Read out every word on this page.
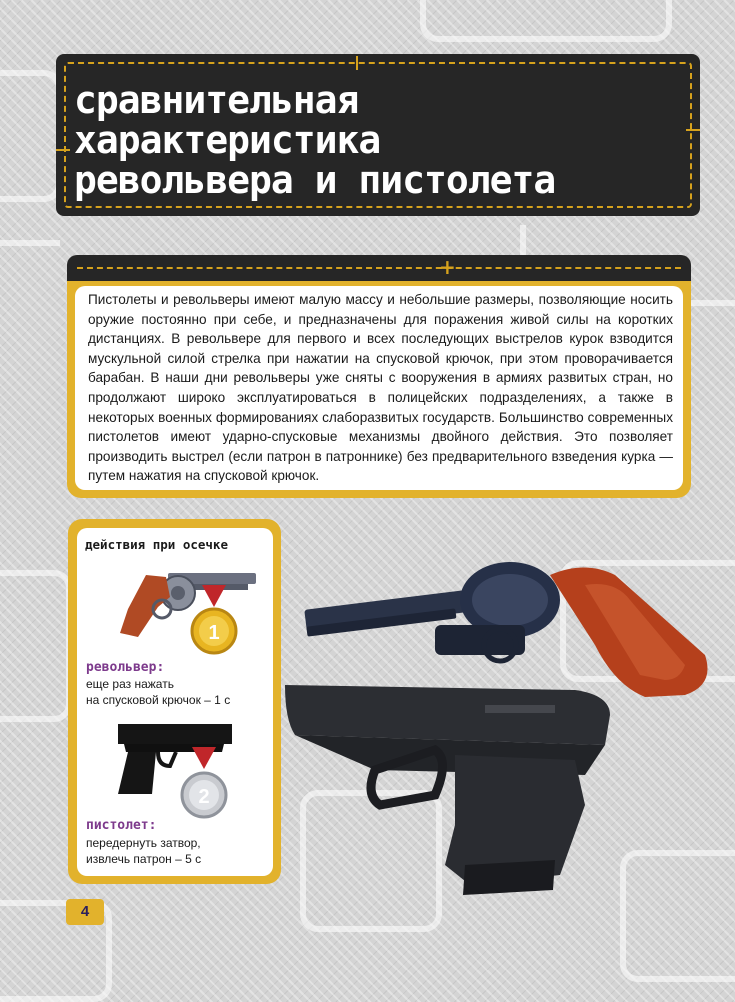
сравнительная
характеристика
револьвера и пистолета
+

Пистолеты и револьверы имеют малую массу и небольшие размеры, позволяющие носить оружие постоянно при себе, и предназначены для поражения живой силы на коротких дистанциях. В револьвере для первого и всех последующих выстрелов курок взводится мускульной силой стрелка при нажатии на спусковой крючок, при этом проворачивается барабан. В наши дни револьверы уже сняты с вооружения в армиях развитых стран, но продолжают широко эксплуатироваться в полицейских подразделениях, а также в некоторых военных формированиях слаборазвитых государств. Большинство современных пистолетов имеют ударно-спусковые механизмы двойного действия. Это позволяет производить выстрел (если патрон в патроннике) без предварительного взведения курка — путем нажатия на спусковой крючок.

действия при осечке
1
револьвер:
еще раз нажать
на спусковой крючок – 1 с
2
пистолет:
передернуть затвор,
извлечь патрон – 5 с
4
